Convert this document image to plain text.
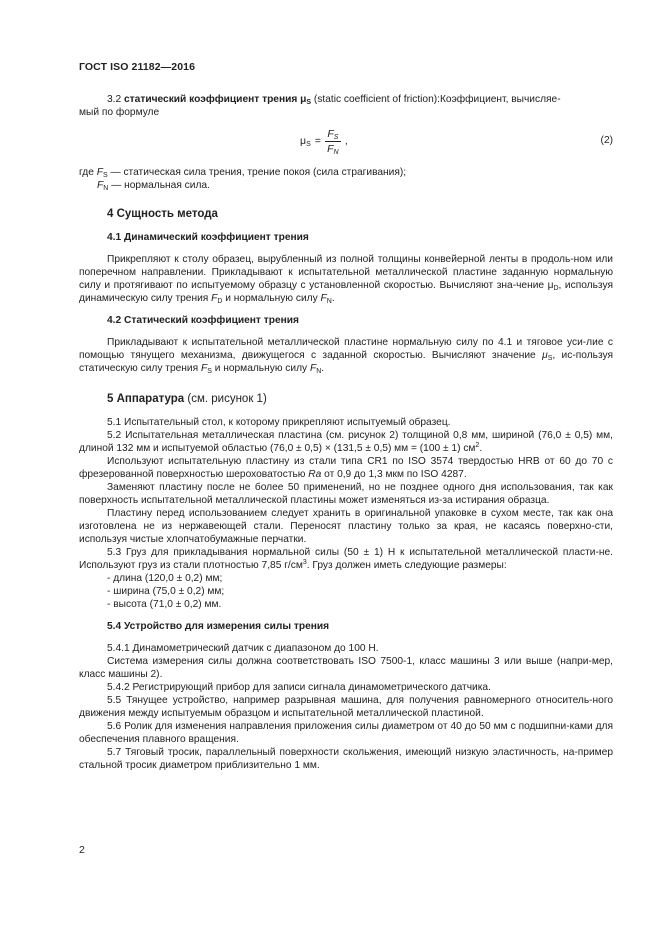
ГОСТ ISO 21182—2016

3.2 статический коэффициент трения $\mu_S$ (static coefficient of friction):Коэффициент, вычисляе-

мый по формуле

$\mu_S = \frac{F_S}{F_N}$ ,	(2)

где $F_S$ — статическая сила трения, трение покоя (сила страгивания);

$F_N$ — нормальная сила.

4 Сущность метода
4.1 Динамический коэффициент трения

Прикрепляют к столу образец, вырубленный из полной толщины конвейерной ленты в продоль-ном или поперечном направлении. Прикладывают к испытательной металлической пластине заданную нормальную силу и протягивают по испытуемому образцу с установленной скоростью. Вычисляют зна-чение $\mu_D$, используя динамическую силу трения $F_D$ и нормальную силу $F_N$.

4.2 Статический коэффициент трения

Прикладывают к испытательной металлической пластине нормальную силу по 4.1 и тяговое уси-лие с помощью тянущего механизма, движущегося с заданной скоростью. Вычисляют значение $\mu_S$, ис-пользуя статическую силу трения $F_S$ и нормальную силу $F_N$.

5 Аппаратура (см. рисунок 1)

5.1 Испытательный стол, к которому прикрепляют испытуемый образец.

5.2 Испытательная металлическая пластина (см. рисунок 2) толщиной 0,8 мм, шириной (76,0 ± 0,5) мм, длиной 132 мм и испытуемой областью (76,0 ± 0,5) × (131,5 ± 0,5) мм = (100 ± 1) $см^2$.

Используют испытательную пластину из стали типа CR1 по ISO 3574 твердостью HRB от 60 до 70 с фрезерованной поверхностью шероховатостью Ra от 0,9 до 1,3 мкм по ISO 4287.

Заменяют пластину после не более 50 применений, но не позднее одного дня использования, так как поверхность испытательной металлической пластины может изменяться из-за истирания образца.

Пластину перед использованием следует хранить в оригинальной упаковке в сухом месте, так как она изготовлена не из нержавеющей стали. Переносят пластину только за края, не касаясь поверхно-сти, используя чистые хлопчатобумажные перчатки.

5.3 Груз для прикладывания нормальной силы (50 ± 1) Н к испытательной металлической пласти-не. Используют груз из стали плотностью 7,85 $г/см^3$. Груз должен иметь следующие размеры:

- длина (120,0 ± 0,2) мм;

- ширина (75,0 ± 0,2) мм;

- высота (71,0 ± 0,2) мм.

5.4 Устройство для измерения силы трения

5.4.1 Динамометрический датчик с диапазоном до 100 Н.

Система измерения силы должна соответствовать ISO 7500-1, класс машины 3 или выше (напри-мер, класс машины 2).

5.4.2 Регистрирующий прибор для записи сигнала динамометрического датчика.

5.5 Тянущее устройство, например разрывная машина, для получения равномерного относитель-ного движения между испытуемым образцом и испытательной металлической пластиной.

5.6 Ролик для изменения направления приложения силы диаметром от 40 до 50 мм с подшипни-ками для обеспечения плавного вращения.

5.7 Тяговый тросик, параллельный поверхности скольжения, имеющий низкую эластичность, на-пример стальной тросик диаметром приблизительно 1 мм.

2
